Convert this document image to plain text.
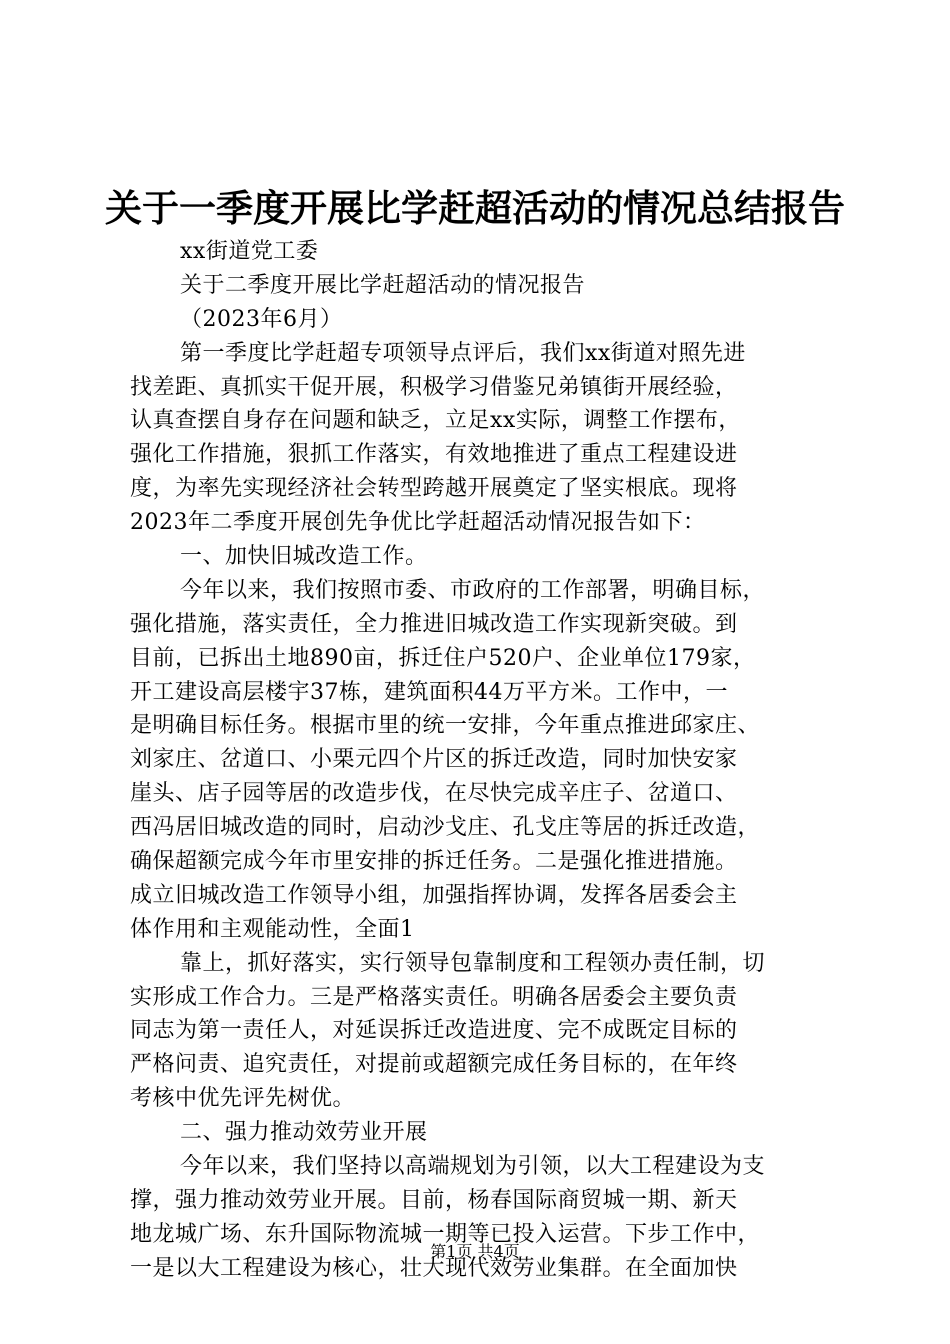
关于一季度开展比学赶超活动的情况总结报告
xx街道党工委
关于二季度开展比学赶超活动的情况报告
（2023年6月）
第一季度比学赶超专项领导点评后，我们xx街道对照先进
找差距、真抓实干促开展，积极学习借鉴兄弟镇街开展经验，
认真查摆自身存在问题和缺乏，立足xx实际，调整工作摆布，
强化工作措施，狠抓工作落实，有效地推进了重点工程建设进
度，为率先实现经济社会转型跨越开展奠定了坚实根底。现将
2023年二季度开展创先争优比学赶超活动情况报告如下：
一、加快旧城改造工作。
今年以来，我们按照市委、市政府的工作部署，明确目标，
强化措施，落实责任，全力推进旧城改造工作实现新突破。到
目前，已拆出土地890亩，拆迁住户520户、企业单位179家，
开工建设高层楼宇37栋，建筑面积44万平方米。工作中，一
是明确目标任务。根据市里的统一安排，今年重点推进邱家庄、
刘家庄、岔道口、小栗元四个片区的拆迁改造，同时加快安家
崖头、店子园等居的改造步伐，在尽快完成辛庄子、岔道口、
西冯居旧城改造的同时，启动沙戈庄、孔戈庄等居的拆迁改造，
确保超额完成今年市里安排的拆迁任务。二是强化推进措施。
成立旧城改造工作领导小组，加强指挥协调，发挥各居委会主
体作用和主观能动性，全面1
靠上，抓好落实，实行领导包靠制度和工程领办责任制，切
实形成工作合力。三是严格落实责任。明确各居委会主要负责
同志为第一责任人，对延误拆迁改造进度、完不成既定目标的
严格问责、追究责任，对提前或超额完成任务目标的，在年终
考核中优先评先树优。
二、强力推动效劳业开展
今年以来，我们坚持以高端规划为引领，以大工程建设为支
撑，强力推动效劳业开展。目前，杨春国际商贸城一期、新天
地龙城广场、东升国际物流城一期等已投入运营。下步工作中，
一是以大工程建设为核心，壮大现代效劳业集群。在全面加快
第1页 共4页
